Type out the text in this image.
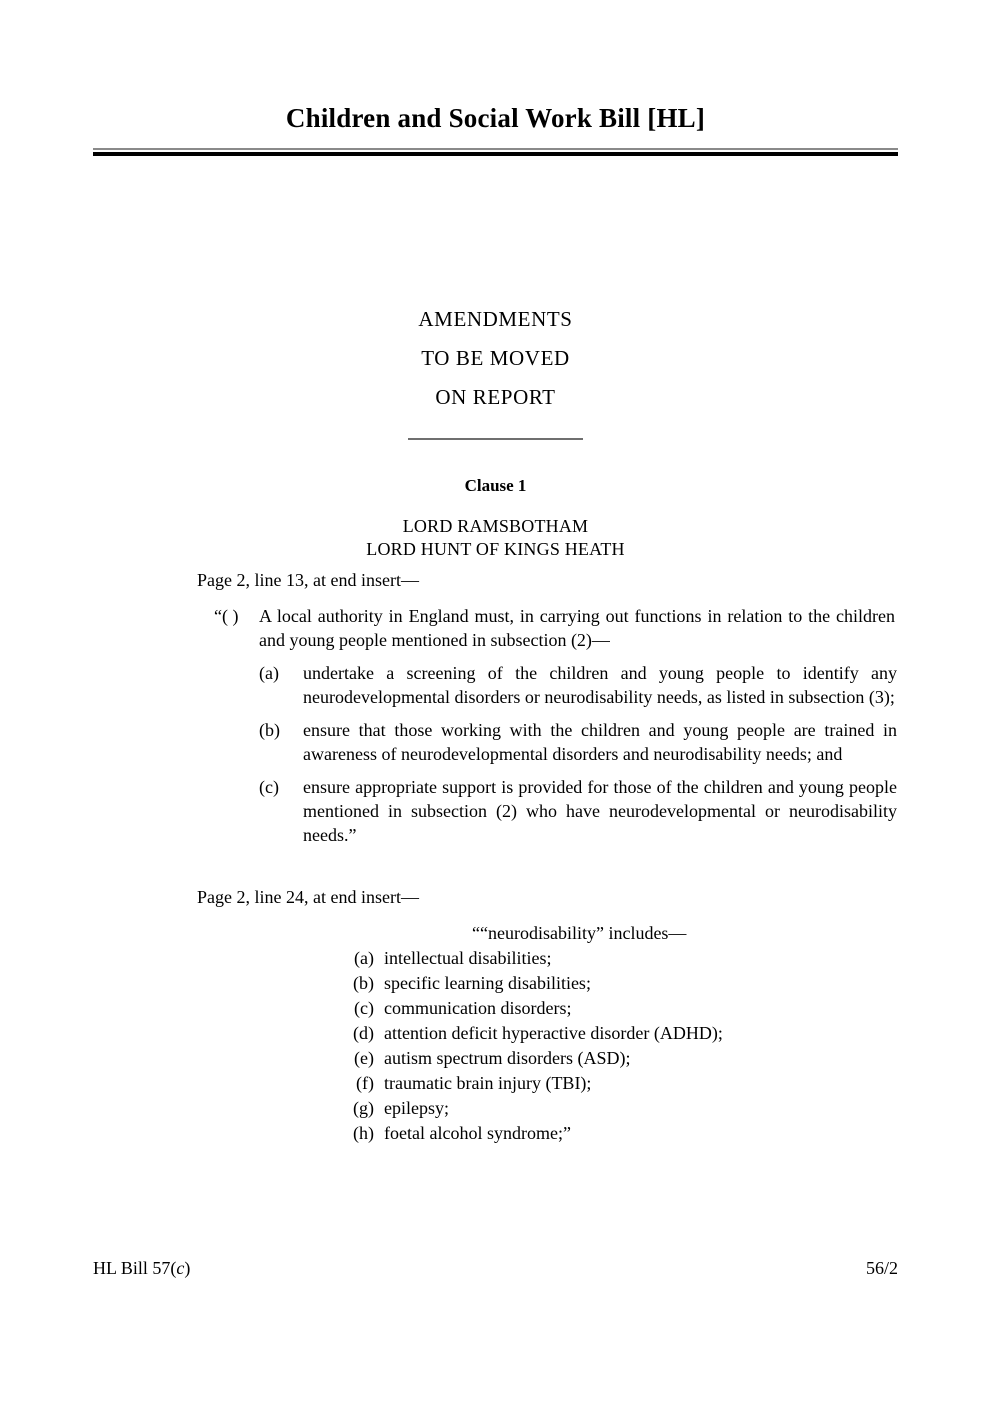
Children and Social Work Bill [HL]
AMENDMENTS
TO BE MOVED
ON REPORT
Clause 1
LORD RAMSBOTHAM
LORD HUNT OF KINGS HEATH
Page 2, line 13, at end insert—
“( )	A local authority in England must, in carrying out functions in relation to the children and young people mentioned in subsection (2)—
(a)	undertake a screening of the children and young people to identify any neurodevelopmental disorders or neurodisability needs, as listed in subsection (3);
(b)	ensure that those working with the children and young people are trained in awareness of neurodevelopmental disorders and neurodisability needs; and
(c)	ensure appropriate support is provided for those of the children and young people mentioned in subsection (2) who have neurodevelopmental or neurodisability needs.”
Page 2, line 24, at end insert—
““neurodisability” includes—
(a) intellectual disabilities;
(b) specific learning disabilities;
(c) communication disorders;
(d) attention deficit hyperactive disorder (ADHD);
(e) autism spectrum disorders (ASD);
(f) traumatic brain injury (TBI);
(g) epilepsy;
(h) foetal alcohol syndrome;”
HL Bill 57(c)	56/2
